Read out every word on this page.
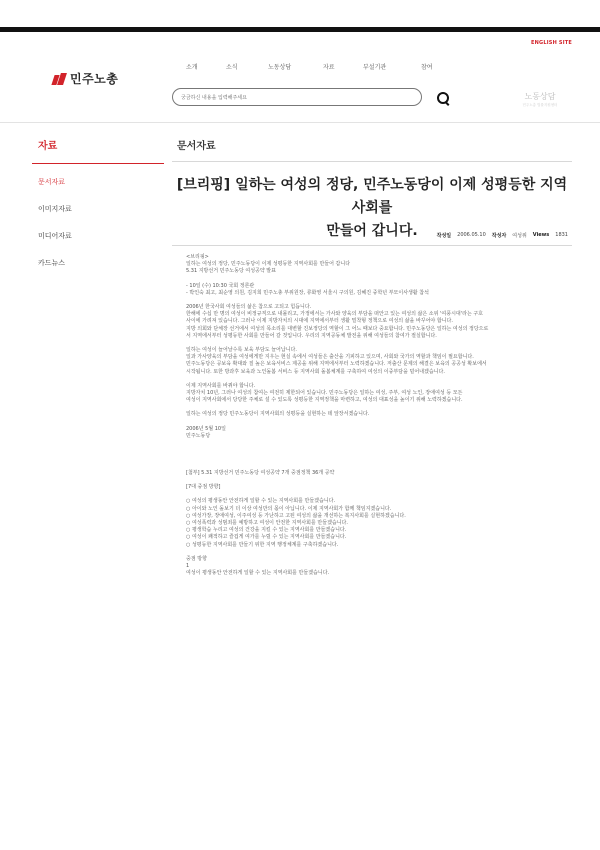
ENGLISH SITE
민주노총
소개	소식	노동상담	자료	부설기관	참여
궁금하신 내용을 입력해주세요	노동상담
민주노총 법률지원센터
자료
문서자료
이미지자료
미디어자료
카드뉴스
문서자료
[브리핑] 일하는 여성의 정당, 민주노동당이 이제 성평등한 지역사회를
만들어 갑니다.	작성일 2006.05.10 작성자 여성위 Views 1831

<브리핑>

일하는 여성의 정당, 민주노동당이 이제 성평등한 지역사회를 만들어 갑니다

5.31 지방선거 민주노동당 여성공약 발표

- 10일 (수) 10:30 국회 정론관

- 박인숙 최고, 최순영 의원, 김지희 민주노총 부위원장, 류화영 서울시 구의원, 김혜진 중학년 부모이사생활 참석

2006년 한국사회 여성들의 삶은 참으로 고되고 힘듭니다.

한해에 수십 만 명의 여성이 비정규직으로 내몰리고, 가정에서는 가사와 양육의 부담을 떠안고 있는 여성의 삶은 소위 '여풍시대'라는 구호

사이에 가려져 있습니다. 그러나 이제 지방자치의 시대에 지역에서부터 생활 밀착형 정책으로 여성의 삶을 바꾸어야 합니다.

지방 의회와 단체장 선거에서 여성의 목소리를 대변할 진보정당의 역할이 그 어느 때보다 중요합니다. 민주노동당은 일하는 여성의 정당으로

서 지역에서부터 성평등한 사회를 만들어 갈 것입니다. 우리의 지역공동체 발전을 위해 여성들의 참여가 절실합니다.

일하는 여성이 늘어날수록 보육 부담도 늘어납니다.

일과 가사양육의 부담을 여성에게만 지우는 현실 속에서 여성들은 출산을 기피하고 있으며, 사회와 국가의 역할과 책임이 필요합니다.

민주노동당은 공보육 확대와 질 높은 보육서비스 제공을 위해 지역에서부터 노력하겠습니다. 저출산 문제의 해결은 보육의 공공성 확보에서

시작됩니다. 또한 방과후 보육과 노인돌봄 서비스 등 지역사회 돌봄체계를 구축하여 여성의 이중부담을 덜어내겠습니다.

이제 지역사회를 바꿔야 합니다.

지방자치 10년, 그러나 여성의 참여는 여전히 제한되어 있습니다. 민주노동당은 일하는 여성, 주부, 여성 노인, 장애여성 등 모든

여성이 지역사회에서 당당한 주체로 설 수 있도록 성평등한 지역정책을 마련하고, 여성의 대표성을 높이기 위해 노력하겠습니다.

일하는 여성의 정당 민주노동당이 지역사회의 성평등을 실현하는 데 앞장서겠습니다.

2006년 5월 10일

민주노동당

[첨부] 5.31 지방선거 민주노동당 여성공약 7개 중점정책 36개 공약

[7대 중점 방향]

○ 여성의 평생동안 안전하게 일할 수 있는 지역사회를 만들겠습니다.

○ 아이와 노인 돌보기 더 이상 여성만의 몫이 아닙니다. 이제 지역사회가 함께 책임지겠습니다.

○ 여성가장, 장애여성, 이주여성 등 가난하고 고된 여성의 삶을 개선하는 복지사회를 실현하겠습니다.

○ 여성폭력과 성범죄를 예방하고 여성이 안전한 지역사회를 만들겠습니다.

○ 평생학습 누리고 여성의 건강을 지킬 수 있는 지역사회를 만들겠습니다.

○ 여성이 쾌적하고 즐겁게 여가를 누릴 수 있는 지역사회를 만들겠습니다.

○ 성평등한 지역사회를 만들기 위한 지역 행정체계를 구축하겠습니다.

중점 방향

1

여성이 평생동안 안전하게 일할 수 있는 지역사회를 만들겠습니다.
